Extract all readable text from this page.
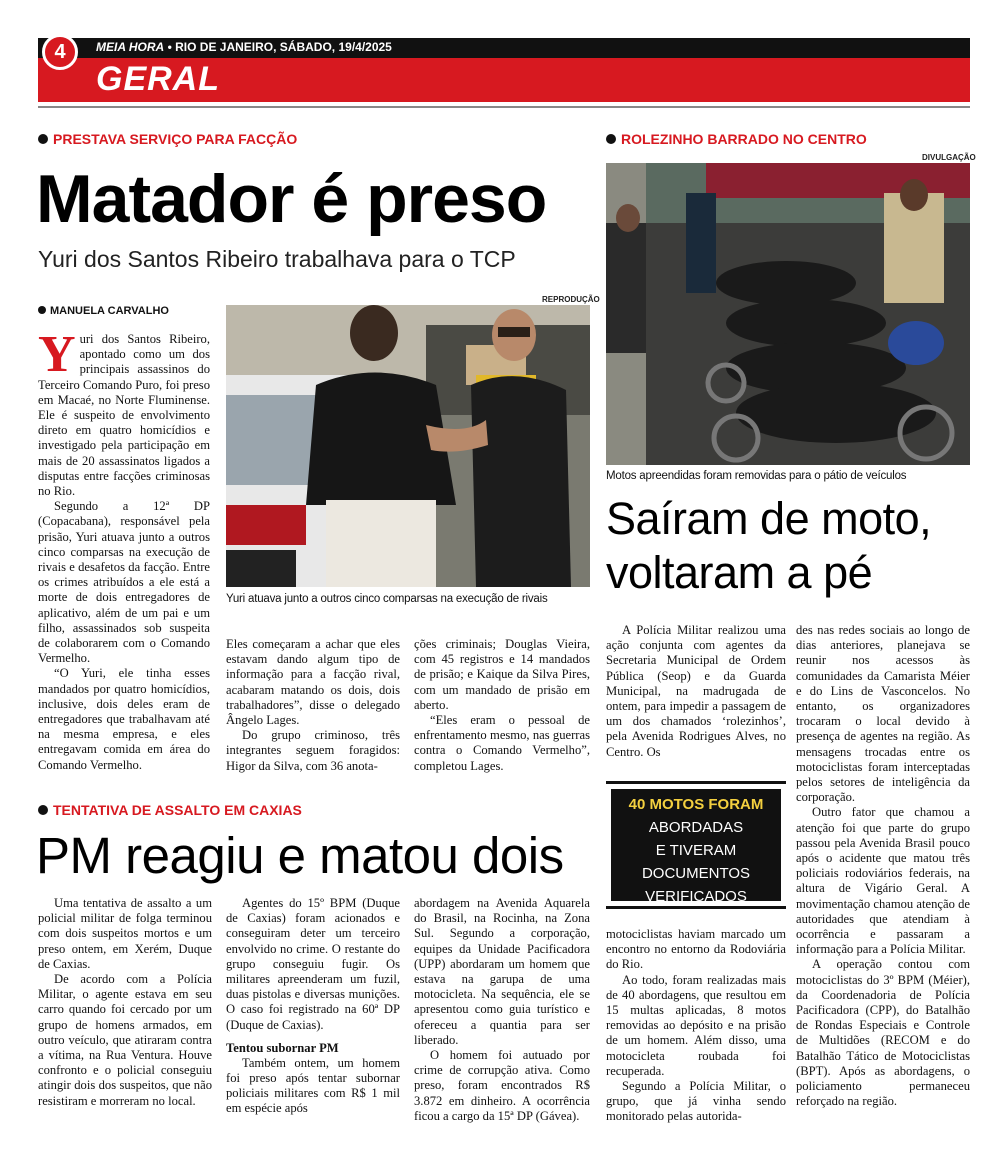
MEIA HORA • RIO DE JANEIRO, SÁBADO, 19/4/2025
GERAL
4
PRESTAVA SERVIÇO PARA FACÇÃO
Matador é preso
Yuri dos Santos Ribeiro trabalhava para o TCP
MANUELA CARVALHO
REPRODUÇÃO
Yuri atuava junto a outros cinco comparsas na execução de rivais

Yuri dos Santos Ribeiro, apontado como um dos principais assassinos do Terceiro Comando Puro, foi preso em Macaé, no Norte Fluminense. Ele é suspeito de envolvimento direto em quatro homicídios e investigado pela participação em mais de 20 assassinatos ligados a disputas entre facções criminosas no Rio.

Segundo a 12ª DP (Copacabana), responsável pela prisão, Yuri atuava junto a outros cinco comparsas na execução de rivais e desafetos da facção. Entre os crimes atribuídos a ele está a morte de dois entregadores de aplicativo, além de um pai e um filho, assassinados sob suspeita de colaborarem com o Comando Vermelho.

“O Yuri, ele tinha esses mandados por quatro homicídios, inclusive, dois deles eram de entregadores que trabalhavam até na mesma empresa, e eles entregavam comida em área do Comando Vermelho.

Eles começaram a achar que eles estavam dando algum tipo de informação para a facção rival, acabaram matando os dois, dois trabalhadores”, disse o delegado Ângelo Lages.

Do grupo criminoso, três integrantes seguem foragidos: Higor da Silva, com 36 anota-

ções criminais; Douglas Vieira, com 45 registros e 14 mandados de prisão; e Kaique da Silva Pires, com um mandado de prisão em aberto.

“Eles eram o pessoal de enfrentamento mesmo, nas guerras contra o Comando Vermelho”, completou Lages.

ROLEZINHO BARRADO NO CENTRO
DIVULGAÇÃO
Motos apreendidas foram removidas para o pátio de veículos
Saíram de moto,
voltaram a pé

A Polícia Militar realizou uma ação conjunta com agentes da Secretaria Municipal de Ordem Pública (Seop) e da Guarda Municipal, na madrugada de ontem, para impedir a passagem de um dos chamados ‘rolezinhos’, pela Avenida Rodrigues Alves, no Centro. Os

40 MOTOS FORAM
ABORDADAS
E TIVERAM
DOCUMENTOS
VERIFICADOS

motociclistas haviam marcado um encontro no entorno da Rodoviária do Rio.

Ao todo, foram realizadas mais de 40 abordagens, que resultou em 15 multas aplicadas, 8 motos removidas ao depósito e na prisão de um homem. Além disso, uma motocicleta roubada foi recuperada.

Segundo a Polícia Militar, o grupo, que já vinha sendo monitorado pelas autorida-

des nas redes sociais ao longo de dias anteriores, planejava se reunir nos acessos às comunidades da Camarista Méier e do Lins de Vasconcelos. No entanto, os organizadores trocaram o local devido à presença de agentes na região. As mensagens trocadas entre os motociclistas foram interceptadas pelos setores de inteligência da corporação.

Outro fator que chamou a atenção foi que parte do grupo passou pela Avenida Brasil pouco após o acidente que matou três policiais rodoviários federais, na altura de Vigário Geral. A movimentação chamou atenção de autoridades que atendiam à ocorrência e passaram a informação para a Polícia Militar.

A operação contou com motociclistas do 3º BPM (Méier), da Coordenadoria de Polícia Pacificadora (CPP), do Batalhão de Rondas Especiais e Controle de Multidões (RECOM e do Batalhão Tático de Motociclistas (BPT). Após as abordagens, o policiamento permaneceu reforçado na região.

TENTATIVA DE ASSALTO EM CAXIAS
PM reagiu e matou dois

Uma tentativa de assalto a um policial militar de folga terminou com dois suspeitos mortos e um preso ontem, em Xerém, Duque de Caxias.

De acordo com a Polícia Militar, o agente estava em seu carro quando foi cercado por um grupo de homens armados, em outro veículo, que atiraram contra a vítima, na Rua Ventura. Houve confronto e o policial conseguiu atingir dois dos suspeitos, que não resistiram e morreram no local.

Agentes do 15º BPM (Duque de Caxias) foram acionados e conseguiram deter um terceiro envolvido no crime. O restante do grupo conseguiu fugir. Os militares apreenderam um fuzil, duas pistolas e diversas munições. O caso foi registrado na 60ª DP (Duque de Caxias).

Tentou subornar PM

Também ontem, um homem foi preso após tentar subornar policiais militares com R$ 1 mil em espécie após

abordagem na Avenida Aquarela do Brasil, na Rocinha, na Zona Sul. Segundo a corporação, equipes da Unidade Pacificadora (UPP) abordaram um homem que estava na garupa de uma motocicleta. Na sequência, ele se apresentou como guia turístico e ofereceu a quantia para ser liberado.

O homem foi autuado por crime de corrupção ativa. Como preso, foram encontrados R$ 3.872 em dinheiro. A ocorrência ficou a cargo da 15ª DP (Gávea).
